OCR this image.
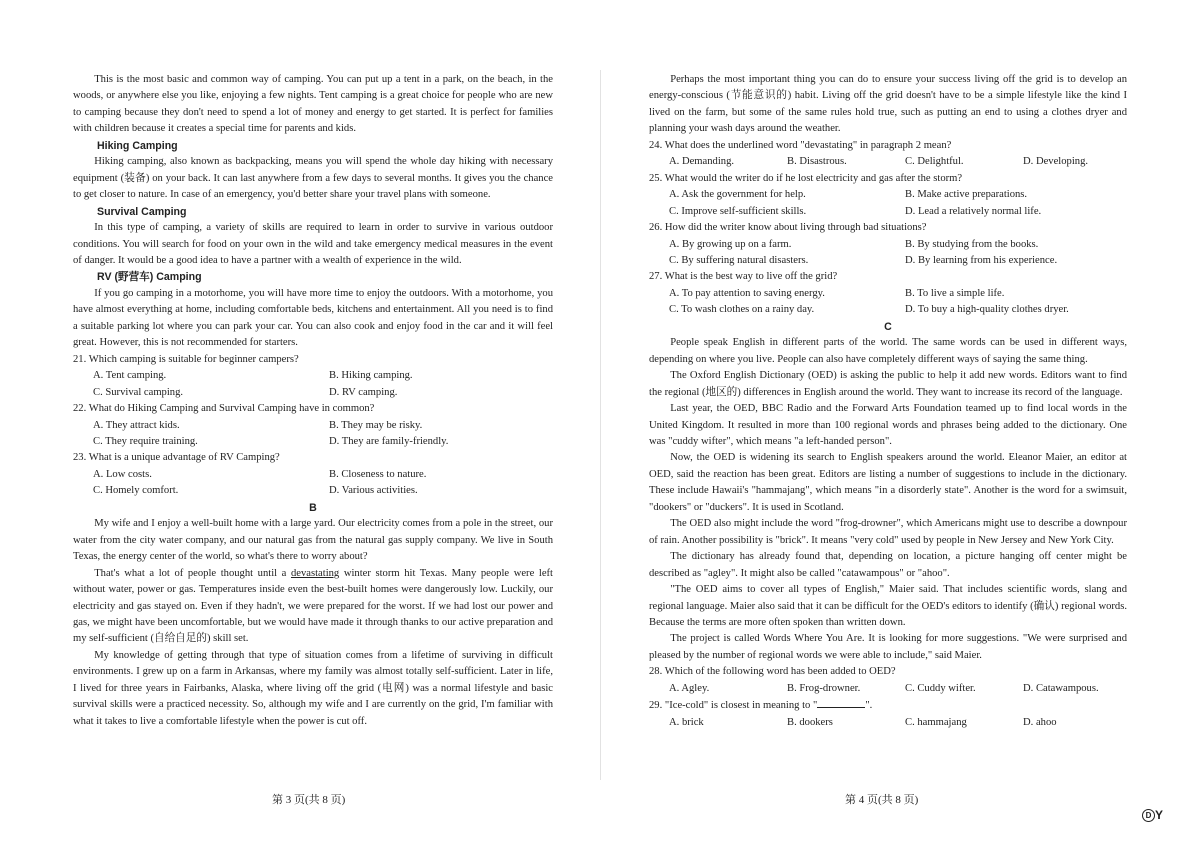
This is the most basic and common way of camping. You can put up a tent in a park, on the beach, in the woods, or anywhere else you like, enjoying a few nights. Tent camping is a great choice for people who are new to camping because they don't need to spend a lot of money and energy to get started. It is perfect for families with children because it creates a special time for parents and kids.

Hiking Camping

Hiking camping, also known as backpacking, means you will spend the whole day hiking with necessary equipment (装备) on your back. It can last anywhere from a few days to several months. It gives you the chance to get closer to nature. In case of an emergency, you'd better share your travel plans with someone.

Survival Camping

In this type of camping, a variety of skills are required to learn in order to survive in various outdoor conditions. You will search for food on your own in the wild and take emergency medical measures in the event of danger. It would be a good idea to have a partner with a wealth of experience in the wild.

RV (野营车) Camping

If you go camping in a motorhome, you will have more time to enjoy the outdoors. With a motorhome, you have almost everything at home, including comfortable beds, kitchens and entertainment. All you need is to find a suitable parking lot where you can park your car. You can also cook and enjoy food in the car and it will feel great. However, this is not recommended for starters.

21. Which camping is suitable for beginner campers?

A. Tent camping.	B. Hiking camping.
C. Survival camping.	D. RV camping.

22. What do Hiking Camping and Survival Camping have in common?

A. They attract kids.	B. They may be risky.
C. They require training.	D. They are family-friendly.

23. What is a unique advantage of RV Camping?

A. Low costs.	B. Closeness to nature.
C. Homely comfort.	D. Various activities.

B

My wife and I enjoy a well-built home with a large yard. Our electricity comes from a pole in the street, our water from the city water company, and our natural gas from the natural gas supply company. We live in South Texas, the energy center of the world, so what's there to worry about?

That's what a lot of people thought until a devastating winter storm hit Texas. Many people were left without water, power or gas. Temperatures inside even the best-built homes were dangerously low. Luckily, our electricity and gas stayed on. Even if they hadn't, we were prepared for the worst. If we had lost our power and gas, we might have been uncomfortable, but we would have made it through thanks to our active preparation and my self-sufficient (自给自足的) skill set.

My knowledge of getting through that type of situation comes from a lifetime of surviving in difficult environments. I grew up on a farm in Arkansas, where my family was almost totally self-sufficient. Later in life, I lived for three years in Fairbanks, Alaska, where living off the grid (电网) was a normal lifestyle and basic survival skills were a practiced necessity. So, although my wife and I are currently on the grid, I'm familiar with what it takes to live a comfortable lifestyle when the power is cut off.

Perhaps the most important thing you can do to ensure your success living off the grid is to develop an energy-conscious (节能意识的) habit. Living off the grid doesn't have to be a simple lifestyle like the kind I lived on the farm, but some of the same rules hold true, such as putting an end to using a clothes dryer and planning your wash days around the weather.

24. What does the underlined word "devastating" in paragraph 2 mean?

A. Demanding.	B. Disastrous.	C. Delightful.	D. Developing.

25. What would the writer do if he lost electricity and gas after the storm?

A. Ask the government for help.	B. Make active preparations.
C. Improve self-sufficient skills.	D. Lead a relatively normal life.

26. How did the writer know about living through bad situations?

A. By growing up on a farm.	B. By studying from the books.
C. By suffering natural disasters.	D. By learning from his experience.

27. What is the best way to live off the grid?

A. To pay attention to saving energy.	B. To live a simple life.
C. To wash clothes on a rainy day.	D. To buy a high-quality clothes dryer.

C

People speak English in different parts of the world. The same words can be used in different ways, depending on where you live. People can also have completely different ways of saying the same thing.

The Oxford English Dictionary (OED) is asking the public to help it add new words. Editors want to find the regional (地区的) differences in English around the world. They want to increase its record of the language.

Last year, the OED, BBC Radio and the Forward Arts Foundation teamed up to find local words in the United Kingdom. It resulted in more than 100 regional words and phrases being added to the dictionary. One was "cuddy wifter", which means "a left-handed person".

Now, the OED is widening its search to English speakers around the world. Eleanor Maier, an editor at OED, said the reaction has been great. Editors are listing a number of suggestions to include in the dictionary. These include Hawaii's "hammajang", which means "in a disorderly state". Another is the word for a swimsuit, "dookers" or "duckers". It is used in Scotland.

The OED also might include the word "frog-drowner", which Americans might use to describe a downpour of rain. Another possibility is "brick". It means "very cold" used by people in New Jersey and New York City.

The dictionary has already found that, depending on location, a picture hanging off center might be described as "agley". It might also be called "catawampous" or "ahoo".

"The OED aims to cover all types of English," Maier said. That includes scientific words, slang and regional language. Maier also said that it can be difficult for the OED's editors to identify (确认) regional words. Because the terms are more often spoken than written down.

The project is called Words Where You Are. It is looking for more suggestions. "We were surprised and pleased by the number of regional words we were able to include," said Maier.

28. Which of the following word has been added to OED?

A. Agley.	B. Frog-drowner.	C. Cuddy wifter.	D. Catawampous.

29. "Ice-cold" is closest in meaning to "	".

A. brick	B. dookers	C. hammajang	D. ahoo
第 3 页(共 8 页)	第 4 页(共 8 页)
D Y
